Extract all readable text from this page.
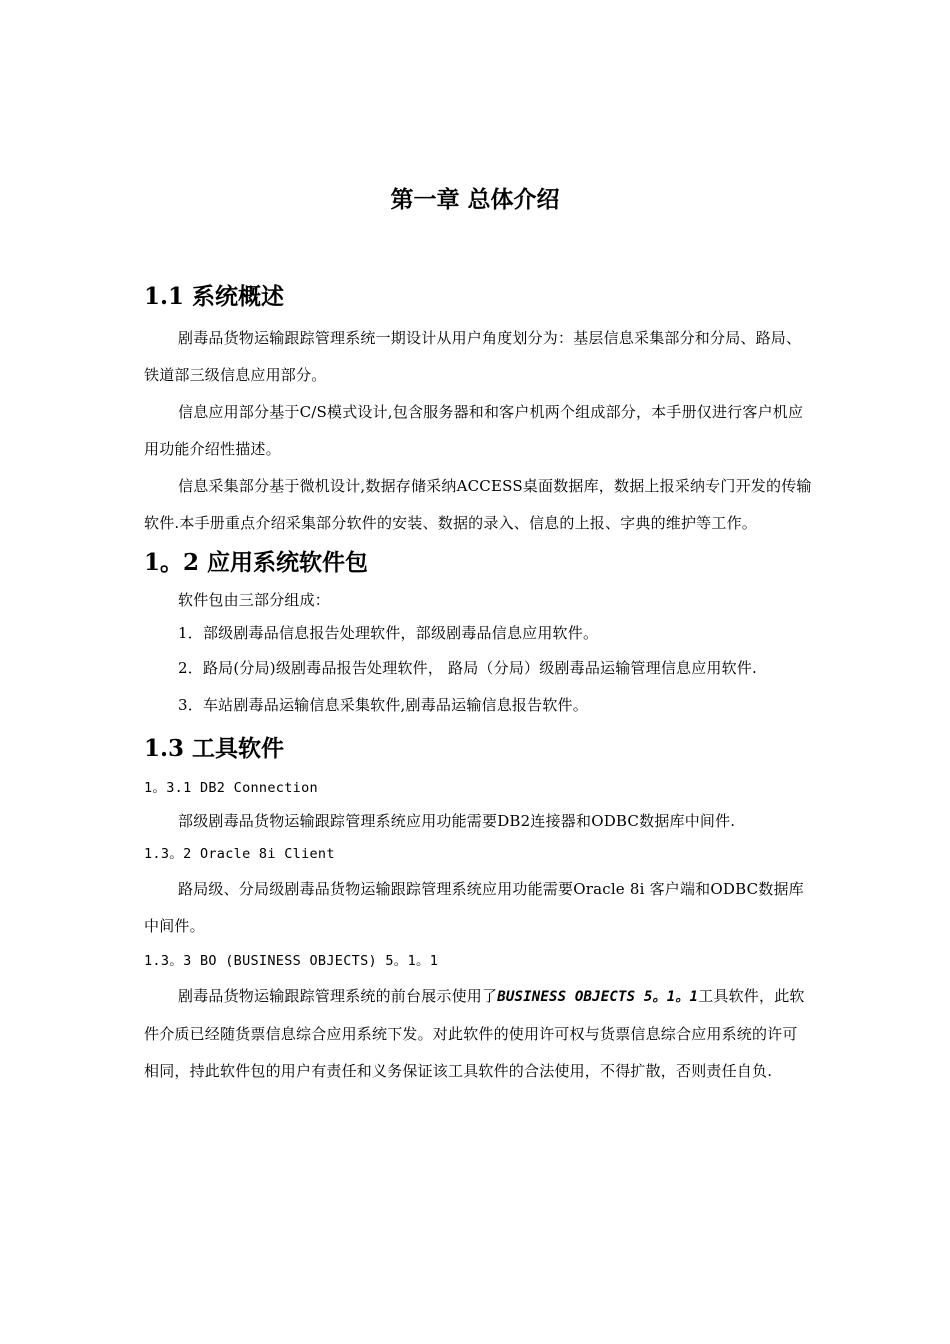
第一章 总体介绍
1.1 系统概述

剧毒品货物运输跟踪管理系统一期设计从用户角度划分为：基层信息采集部分和分局、路局、铁道部三级信息应用部分。

信息应用部分基于C/S模式设计,包含服务器和和客户机两个组成部分，本手册仅进行客户机应用功能介绍性描述。

信息采集部分基于微机设计,数据存储采纳ACCESS桌面数据库，数据上报采纳专门开发的传输软件.本手册重点介绍采集部分软件的安装、数据的录入、信息的上报、字典的维护等工作。

1。2 应用系统软件包

软件包由三部分组成：

1．部级剧毒品信息报告处理软件，部级剧毒品信息应用软件。

2．路局(分局)级剧毒品报告处理软件， 路局（分局）级剧毒品运输管理信息应用软件.

3．车站剧毒品运输信息采集软件,剧毒品运输信息报告软件。

1.3 工具软件
1。3.1 DB2 Connection

部级剧毒品货物运输跟踪管理系统应用功能需要DB2连接器和ODBC数据库中间件.

1.3。2 Oracle 8i Client

路局级、分局级剧毒品货物运输跟踪管理系统应用功能需要Oracle 8i 客户端和ODBC数据库中间件。

1.3。3 BO (BUSINESS OBJECTS) 5。1。1

剧毒品货物运输跟踪管理系统的前台展示使用了BUSINESS OBJECTS 5。1。1工具软件，此软件介质已经随货票信息综合应用系统下发。对此软件的使用许可权与货票信息综合应用系统的许可相同，持此软件包的用户有责任和义务保证该工具软件的合法使用，不得扩散，否则责任自负.
